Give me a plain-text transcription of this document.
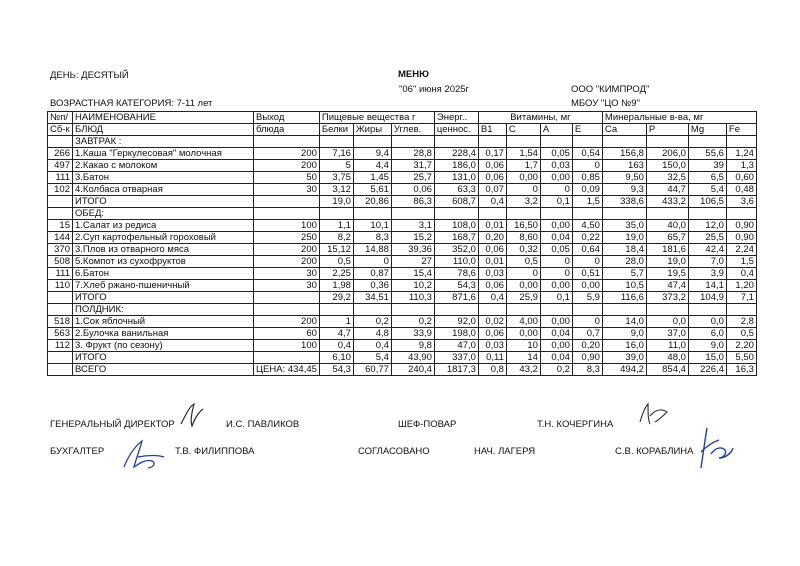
ДЕНЬ: ДЕСЯТЫЙ	МЕНЮ
"06" июня 2025г	ООО "КИМПРОД"
ВОЗРАСТНАЯ КАТЕГОРИЯ: 7-11 лет	МБОУ "ЦО №9"
№п/	НАИМЕНОВАНИЕ	Выход	Пищевые вещества г			Энерг..	Витамины, мг				Минеральные в-ва, мг			
Сб-к	БЛЮД	блюда	Белки	Жиры	Углев.	ценнос.	В1	С	А	Е	Са	Р	Mg	Fe
	ЗАВТРАК :													
266	1.Каша "Геркулесовая" молочная	200	7,16	9,4	28,8	228,4	0,17	1,54	0,05	0,54	156,8	206,0	55,6	1,24
497	2.Какао с молоком	200	5	4,4	31,7	186,0	0,06	1,7	0,03	0	163	150,0	39	1,3
111	3.Батон	50	3,75	1,45	25,7	131,0	0,06	0,00	0,00	0,85	9,50	32,5	6,5	0,60
102	4.Колбаса отварная	30	3,12	5,61	0,06	63,3	0,07	0	0	0,09	9,3	44,7	5,4	0,48
	ИТОГО		19,0	20,86	86,3	608,7	0,4	3,2	0,1	1,5	338,6	433,2	106,5	3,6
	ОБЕД:													
15	1.Салат из редиса	100	1,1	10,1	3,1	108,0	0,01	16,50	0,00	4,50	35,0	40,0	12,0	0,90
144	2.Суп картофельный гороховый	250	8,2	8,3	15,2	168,7	0,20	8,60	0,04	0,22	19,0	65,7	25,5	0,90
370	3.Плов из отварного мяса	200	15,12	14,88	39,36	352,0	0,06	0,32	0,05	0,64	18,4	181,6	42,4	2,24
508	5.Компот из сухофруктов	200	0,5	0	27	110,0	0,01	0,5	0	0	28,0	19,0	7,0	1,5
111	6.Батон	30	2,25	0,87	15,4	78,6	0,03	0	0	0,51	5,7	19,5	3,9	0,4
110	7.Хлеб ржано-пшеничный	30	1,98	0,36	10,2	54,3	0,06	0,00	0,00	0,00	10,5	47,4	14,1	1,20
	ИТОГО		29,2	34,51	110,3	871,6	0,4	25,9	0,1	5,9	116,6	373,2	104,9	7,1
	ПОЛДНИК:													
518	1.Сок яблочный	200	1	0,2	0,2	92,0	0,02	4,00	0,00	0	14,0	0,0	0,0	2,8
563	2.Булочка ванильная	60	4,7	4,8	33,9	198,0	0,06	0,00	0,04	0,7	9,0	37,0	6,0	0,5
112	3. Фрукт (по сезону)	100	0,4	0,4	9,8	47,0	0,03	10	0,00	0,20	16,0	11,0	9,0	2,20
	ИТОГО		6,10	5,4	43,90	337,0	0,11	14	0,04	0,90	39,0	48,0	15,0	5,50
	ВСЕГО	ЦЕНА: 434,45	54,3	60,77	240,4	1817,3	0,8	43,2	0,2	8,3	494,2	854,4	226,4	16,3
ГЕНЕРАЛЬНЫЙ ДИРЕКТОР	И.С. ПАВЛИКОВ	ШЕФ-ПОВАР	Т.Н. КОЧЕРГИНА
БУХГАЛТЕР	Т.В. ФИЛИППОВА	СОГЛАСОВАНО	НАЧ. ЛАГЕРЯ	С.В. КОРАБЛИНА
